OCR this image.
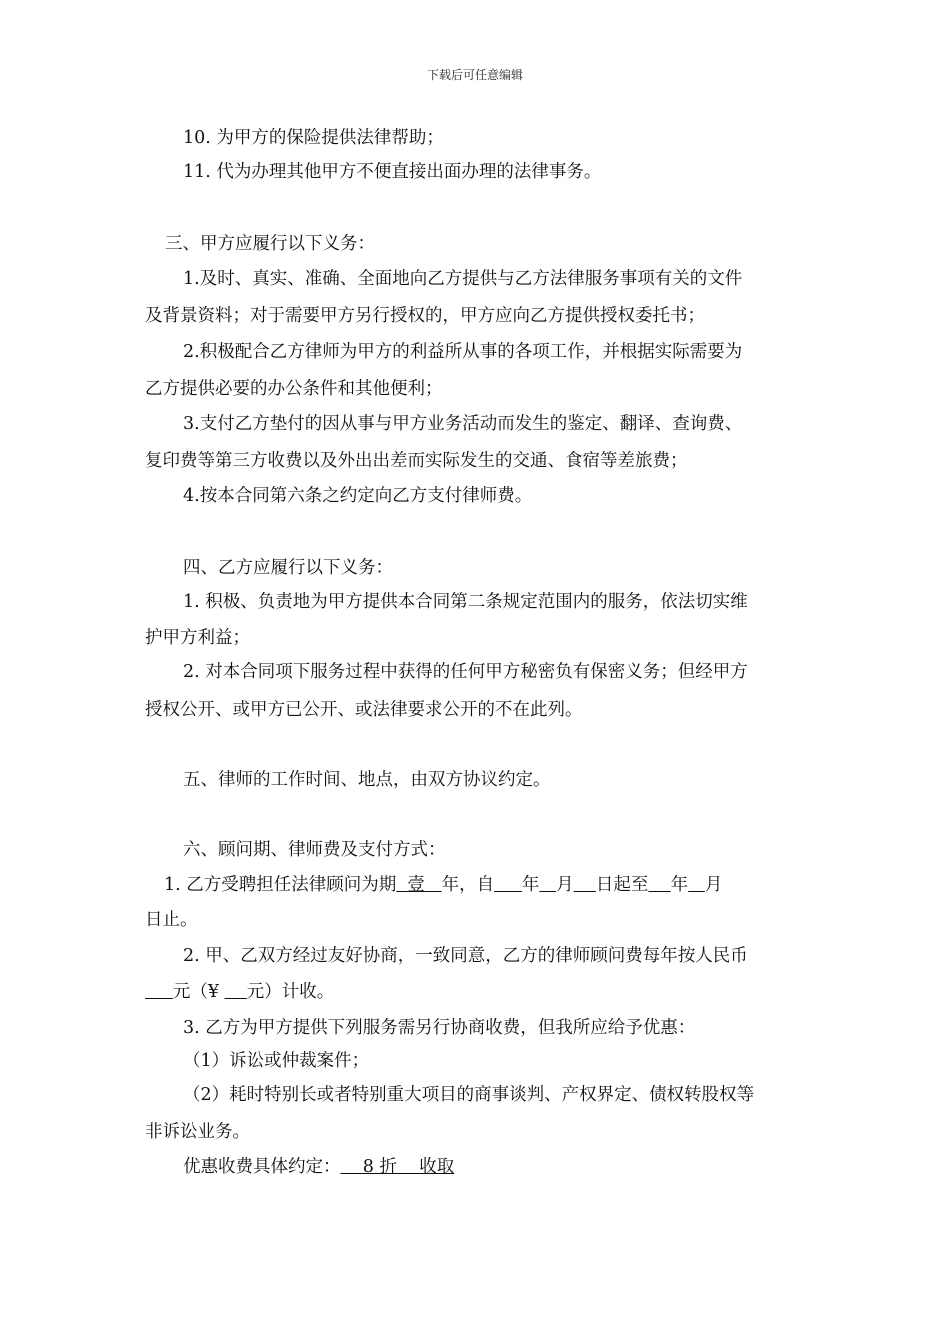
下载后可任意编辑
10. 为甲方的保险提供法律帮助；
11. 代为办理其他甲方不便直接出面办理的法律事务。
三、甲方应履行以下义务：
1.及时、真实、准确、全面地向乙方提供与乙方法律服务事项有关的文件
及背景资料；对于需要甲方另行授权的，甲方应向乙方提供授权委托书；
2.积极配合乙方律师为甲方的利益所从事的各项工作，并根据实际需要为
乙方提供必要的办公条件和其他便利；
3.支付乙方垫付的因从事与甲方业务活动而发生的鉴定、翻译、查询费、
复印费等第三方收费以及外出出差而实际发生的交通、食宿等差旅费；
4.按本合同第六条之约定向乙方支付律师费。
四、乙方应履行以下义务：
1. 积极、负责地为甲方提供本合同第二条规定范围内的服务，依法切实维
护甲方利益；
2. 对本合同项下服务过程中获得的任何甲方秘密负有保密义务；但经甲方
授权公开、或甲方已公开、或法律要求公开的不在此列。
五、律师的工作时间、地点，由双方协议约定。
六、顾问期、律师费及支付方式：
1. 乙方受聘担任法律顾问为期  壹   年，自 年 月 日起至 年 月
日止。
2. 甲、乙双方经过友好协商，一致同意，乙方的律师顾问费每年按人民币
元（¥     元）计收。
3. 乙方为甲方提供下列服务需另行协商收费，但我所应给予优惠：
（1）诉讼或仲裁案件；
（2）耗时特别长或者特别重大项目的商事谈判、产权界定、债权转股权等
非诉讼业务。
优惠收费具体约定：    8 折    收取
